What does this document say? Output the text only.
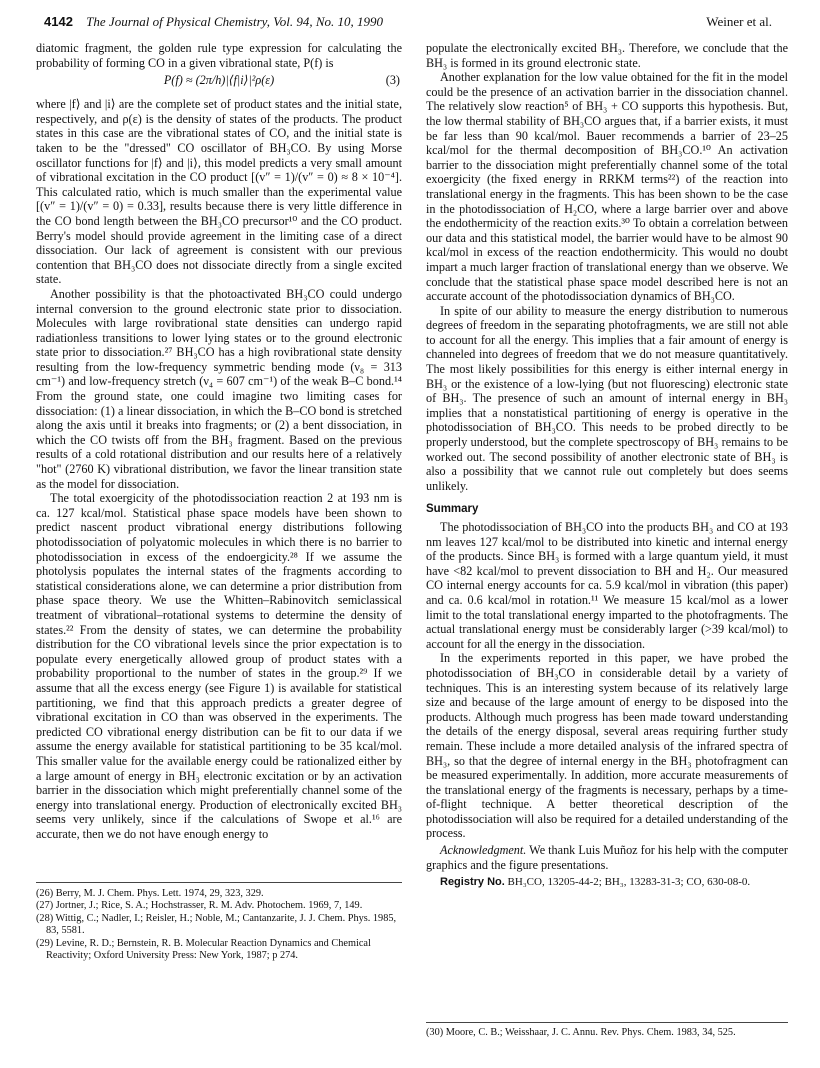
4142 The Journal of Physical Chemistry, Vol. 94, No. 10, 1990	Weiner et al.

diatomic fragment, the golden rule type expression for calculating the probability of forming CO in a given vibrational state, P(f) is

P(f) ≈ (2π/h)|⟨f|i⟩|²ρ(ε)	(3)

where |f⟩ and |i⟩ are the complete set of product states and the initial state, respectively, and ρ(ε) is the density of states of the products. The product states in this case are the vibrational states of CO, and the initial state is taken to be the "dressed" CO oscillator of BH₃CO. By using Morse oscillator functions for |f⟩ and |i⟩, this model predicts a very small amount of vibrational excitation in the CO product [(v″ = 1)/(v″ = 0) ≈ 8 × 10⁻⁴]. This calculated ratio, which is much smaller than the experimental value [(v″ = 1)/(v″ = 0) = 0.33], results because there is very little difference in the CO bond length between the BH₃CO precursor¹⁰ and the CO product. Berry's model should provide agreement in the limiting case of a direct dissociation. Our lack of agreement is consistent with our previous contention that BH₃CO does not dissociate directly from a single excited state.

Another possibility is that the photoactivated BH₃CO could undergo internal conversion to the ground electronic state prior to dissociation. Molecules with large rovibrational state densities can undergo rapid radiationless transitions to lower lying states or to the ground electronic state prior to dissociation.²⁷ BH₃CO has a high rovibrational state density resulting from the low-frequency symmetric bending mode (ν₈ = 313 cm⁻¹) and low-frequency stretch (ν₄ = 607 cm⁻¹) of the weak B–C bond.¹⁴ From the ground state, one could imagine two limiting cases for dissociation: (1) a linear dissociation, in which the B–CO bond is stretched along the axis until it breaks into fragments; or (2) a bent dissociation, in which the CO twists off from the BH₃ fragment. Based on the previous results of a cold rotational distribution and our results here of a relatively "hot" (2760 K) vibrational distribution, we favor the linear transition state as the model for dissociation.

The total exoergicity of the photodissociation reaction 2 at 193 nm is ca. 127 kcal/mol. Statistical phase space models have been shown to predict nascent product vibrational energy distributions following photodissociation of polyatomic molecules in which there is no barrier to photodissociation in excess of the endoergicity.²⁸ If we assume the photolysis populates the internal states of the fragments according to statistical considerations alone, we can determine a prior distribution from phase space theory. We use the Whitten–Rabinovitch semiclassical treatment of vibrational–rotational systems to determine the density of states.²² From the density of states, we can determine the probability distribution for the CO vibrational levels since the prior expectation is to populate every energetically allowed group of product states with a probability proportional to the number of states in the group.²⁹ If we assume that all the excess energy (see Figure 1) is available for statistical partitioning, we find that this approach predicts a greater degree of vibrational excitation in CO than was observed in the experiments. The predicted CO vibrational energy distribution can be fit to our data if we assume the energy available for statistical partitioning to be 35 kcal/mol. This smaller value for the available energy could be rationalized either by a large amount of energy in BH₃ electronic excitation or by an activation barrier in the dissociation which might preferentially channel some of the energy into translational energy. Production of electronically excited BH₃ seems very unlikely, since if the calculations of Swope et al.¹⁶ are accurate, then we do not have enough energy to

(26) Berry, M. J. Chem. Phys. Lett. 1974, 29, 323, 329.

(27) Jortner, J.; Rice, S. A.; Hochstrasser, R. M. Adv. Photochem. 1969, 7, 149.

(28) Wittig, C.; Nadler, I.; Reisler, H.; Noble, M.; Cantanzarite, J. J. Chem. Phys. 1985, 83, 5581.

(29) Levine, R. D.; Bernstein, R. B. Molecular Reaction Dynamics and Chemical Reactivity; Oxford University Press: New York, 1987; p 274.

populate the electronically excited BH₃. Therefore, we conclude that the BH₃ is formed in its ground electronic state.

Another explanation for the low value obtained for the fit in the model could be the presence of an activation barrier in the dissociation channel. The relatively slow reaction⁵ of BH₃ + CO supports this hypothesis. But, the low thermal stability of BH₃CO argues that, if a barrier exists, it must be far less than 90 kcal/mol. Bauer recommends a barrier of 23–25 kcal/mol for the thermal decomposition of BH₃CO.¹⁰ An activation barrier to the dissociation might preferentially channel some of the total exoergicity (the fixed energy in RRKM terms²²) of the reaction into translational energy in the fragments. This has been shown to be the case in the photodissociation of H₂CO, where a large barrier over and above the endothermicity of the reaction exits.³⁰ To obtain a correlation between our data and this statistical model, the barrier would have to be almost 90 kcal/mol in excess of the reaction endothermicity. This would no doubt impart a much larger fraction of translational energy than we observe. We conclude that the statistical phase space model described here is not an accurate account of the photodissociation dynamics of BH₃CO.

In spite of our ability to measure the energy distribution to numerous degrees of freedom in the separating photofragments, we are still not able to account for all the energy. This implies that a fair amount of energy is channeled into degrees of freedom that we do not measure quantitatively. The most likely possibilities for this energy is either internal energy in BH₃ or the existence of a low-lying (but not fluorescing) electronic state of BH₃. The presence of such an amount of internal energy in BH₃ implies that a nonstatistical partitioning of energy is operative in the photodissociation of BH₃CO. This needs to be probed directly to be properly understood, but the complete spectroscopy of BH₃ remains to be worked out. The second possibility of another electronic state of BH₃ is also a possibility that we cannot rule out completely but does seems unlikely.

Summary

The photodissociation of BH₃CO into the products BH₃ and CO at 193 nm leaves 127 kcal/mol to be distributed into kinetic and internal energy of the products. Since BH₃ is formed with a large quantum yield, it must have <82 kcal/mol to prevent dissociation to BH and H₂. Our measured CO internal energy accounts for ca. 5.9 kcal/mol in vibration (this paper) and ca. 0.6 kcal/mol in rotation.¹¹ We measure 15 kcal/mol as a lower limit to the total translational energy imparted to the photofragments. The actual translational energy must be considerably larger (>39 kcal/mol) to account for all the energy in the dissociation.

In the experiments reported in this paper, we have probed the photodissociation of BH₃CO in considerable detail by a variety of techniques. This is an interesting system because of its relatively large size and because of the large amount of energy to be disposed into the products. Although much progress has been made toward understanding the details of the energy disposal, several areas requiring further study remain. These include a more detailed analysis of the infrared spectra of BH₃, so that the degree of internal energy in the BH₃ photofragment can be measured experimentally. In addition, more accurate measurements of the translational energy of the fragments is necessary, perhaps by a time-of-flight technique. A better theoretical description of the photodissociation will also be required for a detailed understanding of the process.

Acknowledgment. We thank Luis Muñoz for his help with the computer graphics and the figure presentations.

Registry No. BH₃CO, 13205-44-2; BH₃, 13283-31-3; CO, 630-08-0.

(30) Moore, C. B.; Weisshaar, J. C. Annu. Rev. Phys. Chem. 1983, 34, 525.
